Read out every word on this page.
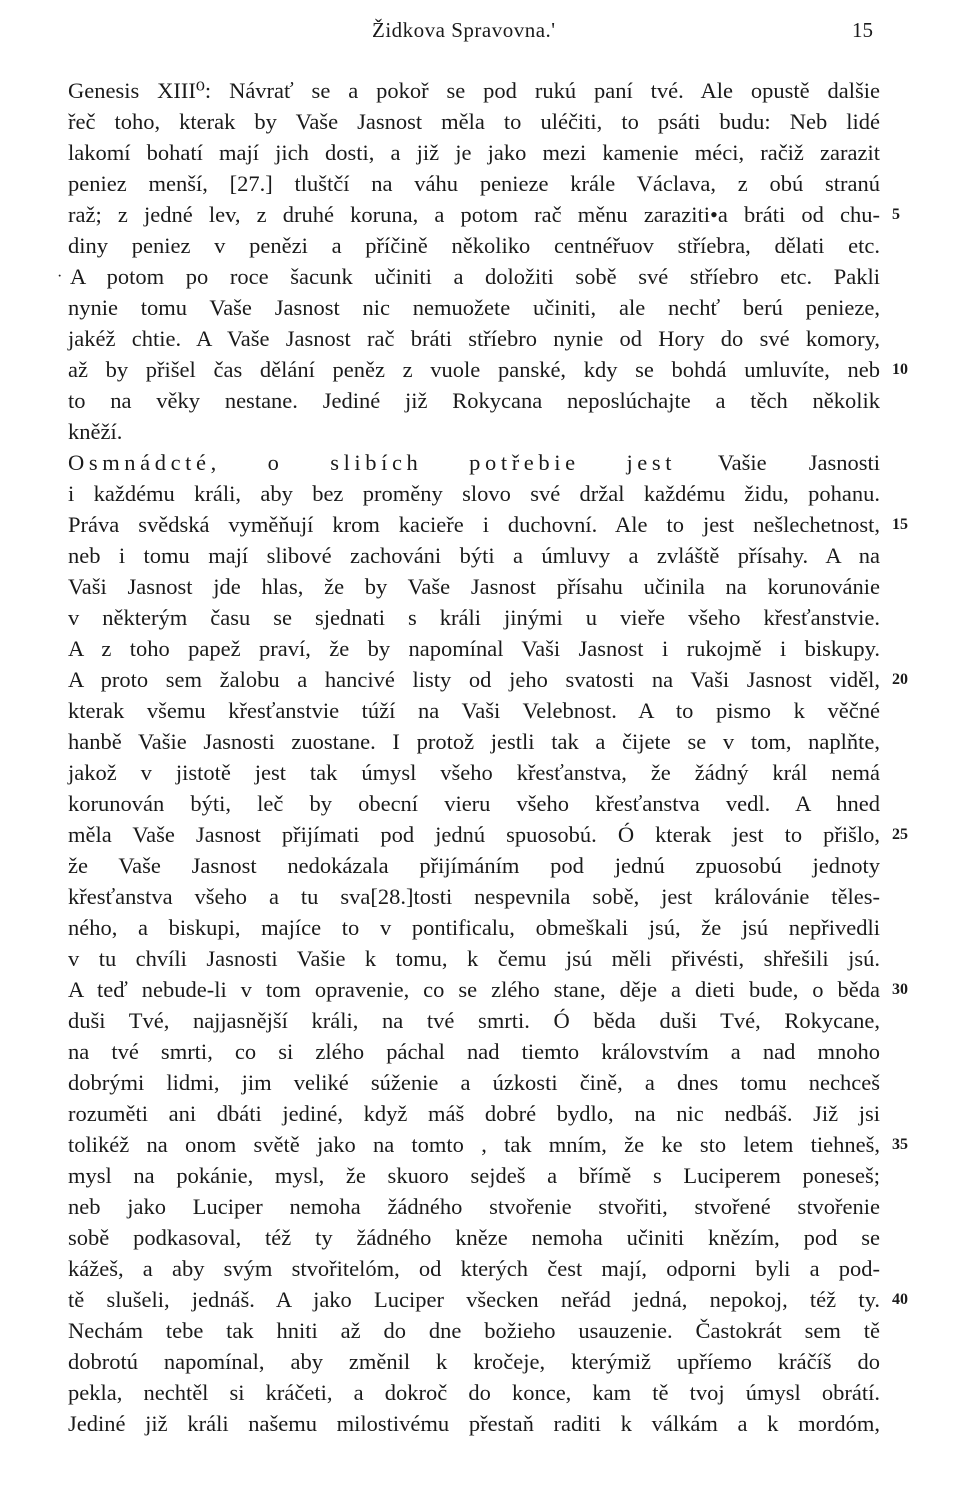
Židkova Spravovna.'	15
Genesis XIII⁰: Návrať se a pokoř se pod rukú paní tvé. Ale opustě dalšie
řeč toho, kterak by Vaše Jasnost měla to uléčiti, to psáti budu: Neb lidé
lakomí bohatí mají jich dosti, a již je jako mezi kamenie méci, račiž zarazit
peniez menší, [27.] tluštčí na váhu penieze krále Václava, z obú stranú
raž; z jedné lev, z druhé koruna, a potom rač měnu zaraziti•a bráti od chu- 5
diny peniez v penězi a příčině několiko centnéřuov stříebra, dělati etc.
· A potom po roce šacunk učiniti a doložiti sobě své stříebro etc. Pakli
nynie tomu Vaše Jasnost nic nemuožete učiniti, ale nechť berú penieze,
jakéž chtie. A Vaše Jasnost rač bráti stříebro nynie od Hory do své komory,
až by přišel čas dělání peněz z vuole panské, kdy se bohdá umluvíte, neb 10
to na věky nestane. Jediné již Rokycana neposlúchajte a těch několik
kněží.
Osmnádcté, o slibích potřebie jest Vašie Jasnosti
i každému králi, aby bez proměny slovo své držal každému židu, pohanu.
Práva svědská vyměňují krom kacieře i duchovní. Ale to jest nešlechetnost, 15
neb i tomu mají slibové zachováni býti a úmluvy a zvláště přísahy. A na
Vaši Jasnost jde hlas, že by Vaše Jasnost přísahu učinila na korunovánie
v některým času se sjednati s králi jinými u vieře všeho křesťanstvie.
A z toho papež praví, že by napomínal Vaši Jasnost i rukojmě i biskupy.
A proto sem žalobu a hancivé listy od jeho svatosti na Vaši Jasnost viděl, 20
kterak všemu křesťanstvie túží na Vaši Velebnost. A to pismo k věčné
hanbě Vašie Jasnosti zuostane. I protož jestli tak a čijete se v tom, naplňte,
jakož v jistotě jest tak úmysl všeho křesťanstva, že žádný král nemá
korunován býti, leč by obecní vieru všeho křesťanstva vedl. A hned
měla Vaše Jasnost přijímati pod jednú spuosobú. Ó kterak jest to přišlo, 25
že Vaše Jasnost nedokázala přijímáním pod jednú zpuosobú jednoty
křesťanstva všeho a tu sva[28.]tosti nespevnila sobě, jest královánie těles-
ného, a biskupi, majíce to v pontificalu, obmeškali jsú, že jsú nepřivedli
v tu chvíli Jasnosti Vašie k tomu, k čemu jsú měli přivésti, shřešili jsú.
A teď nebude-li v tom opravenie, co se zlého stane, děje a dieti bude, o běda 30
duši Tvé, najjasnější králi, na tvé smrti. Ó běda duši Tvé, Rokycane,
na tvé smrti, co si zlého páchal nad tiemto královstvím a nad mnoho
dobrými lidmi, jim veliké súženie a úzkosti čině, a dnes tomu nechceš
rozuměti ani dbáti jediné, když máš dobré bydlo, na nic nedbáš. Již jsi
tolikéž na onom světě jako na tomto , tak mním, že ke sto letem tiehneš, 35
mysl na pokánie, mysl, že skuoro sejdeš a břímě s Luciperem poneseš;
neb jako Luciper nemoha žádného stvořenie stvořiti, stvořené stvořenie
sobě podkasoval, též ty žádného kněze nemoha učiniti knězím, pod se
kážeš, a aby svým stvořitelóm, od kterých čest mají, odporni byli a pod-
tě slušeli, jednáš. A jako Luciper všecken neřád jedná, nepokoj, též ty. 40
Nechám tebe tak hniti až do dne božieho usauzenie. Častokrát sem tě
dobrotú napomínal, aby změnil k kročeje, kterýmiž upříemo kráčíš do
pekla, nechtěl si kráčeti, a dokroč do konce, kam tě tvoj úmysl obrátí.
Jediné již králi našemu milostivému přestaň raditi k válkám a k mordóm,
